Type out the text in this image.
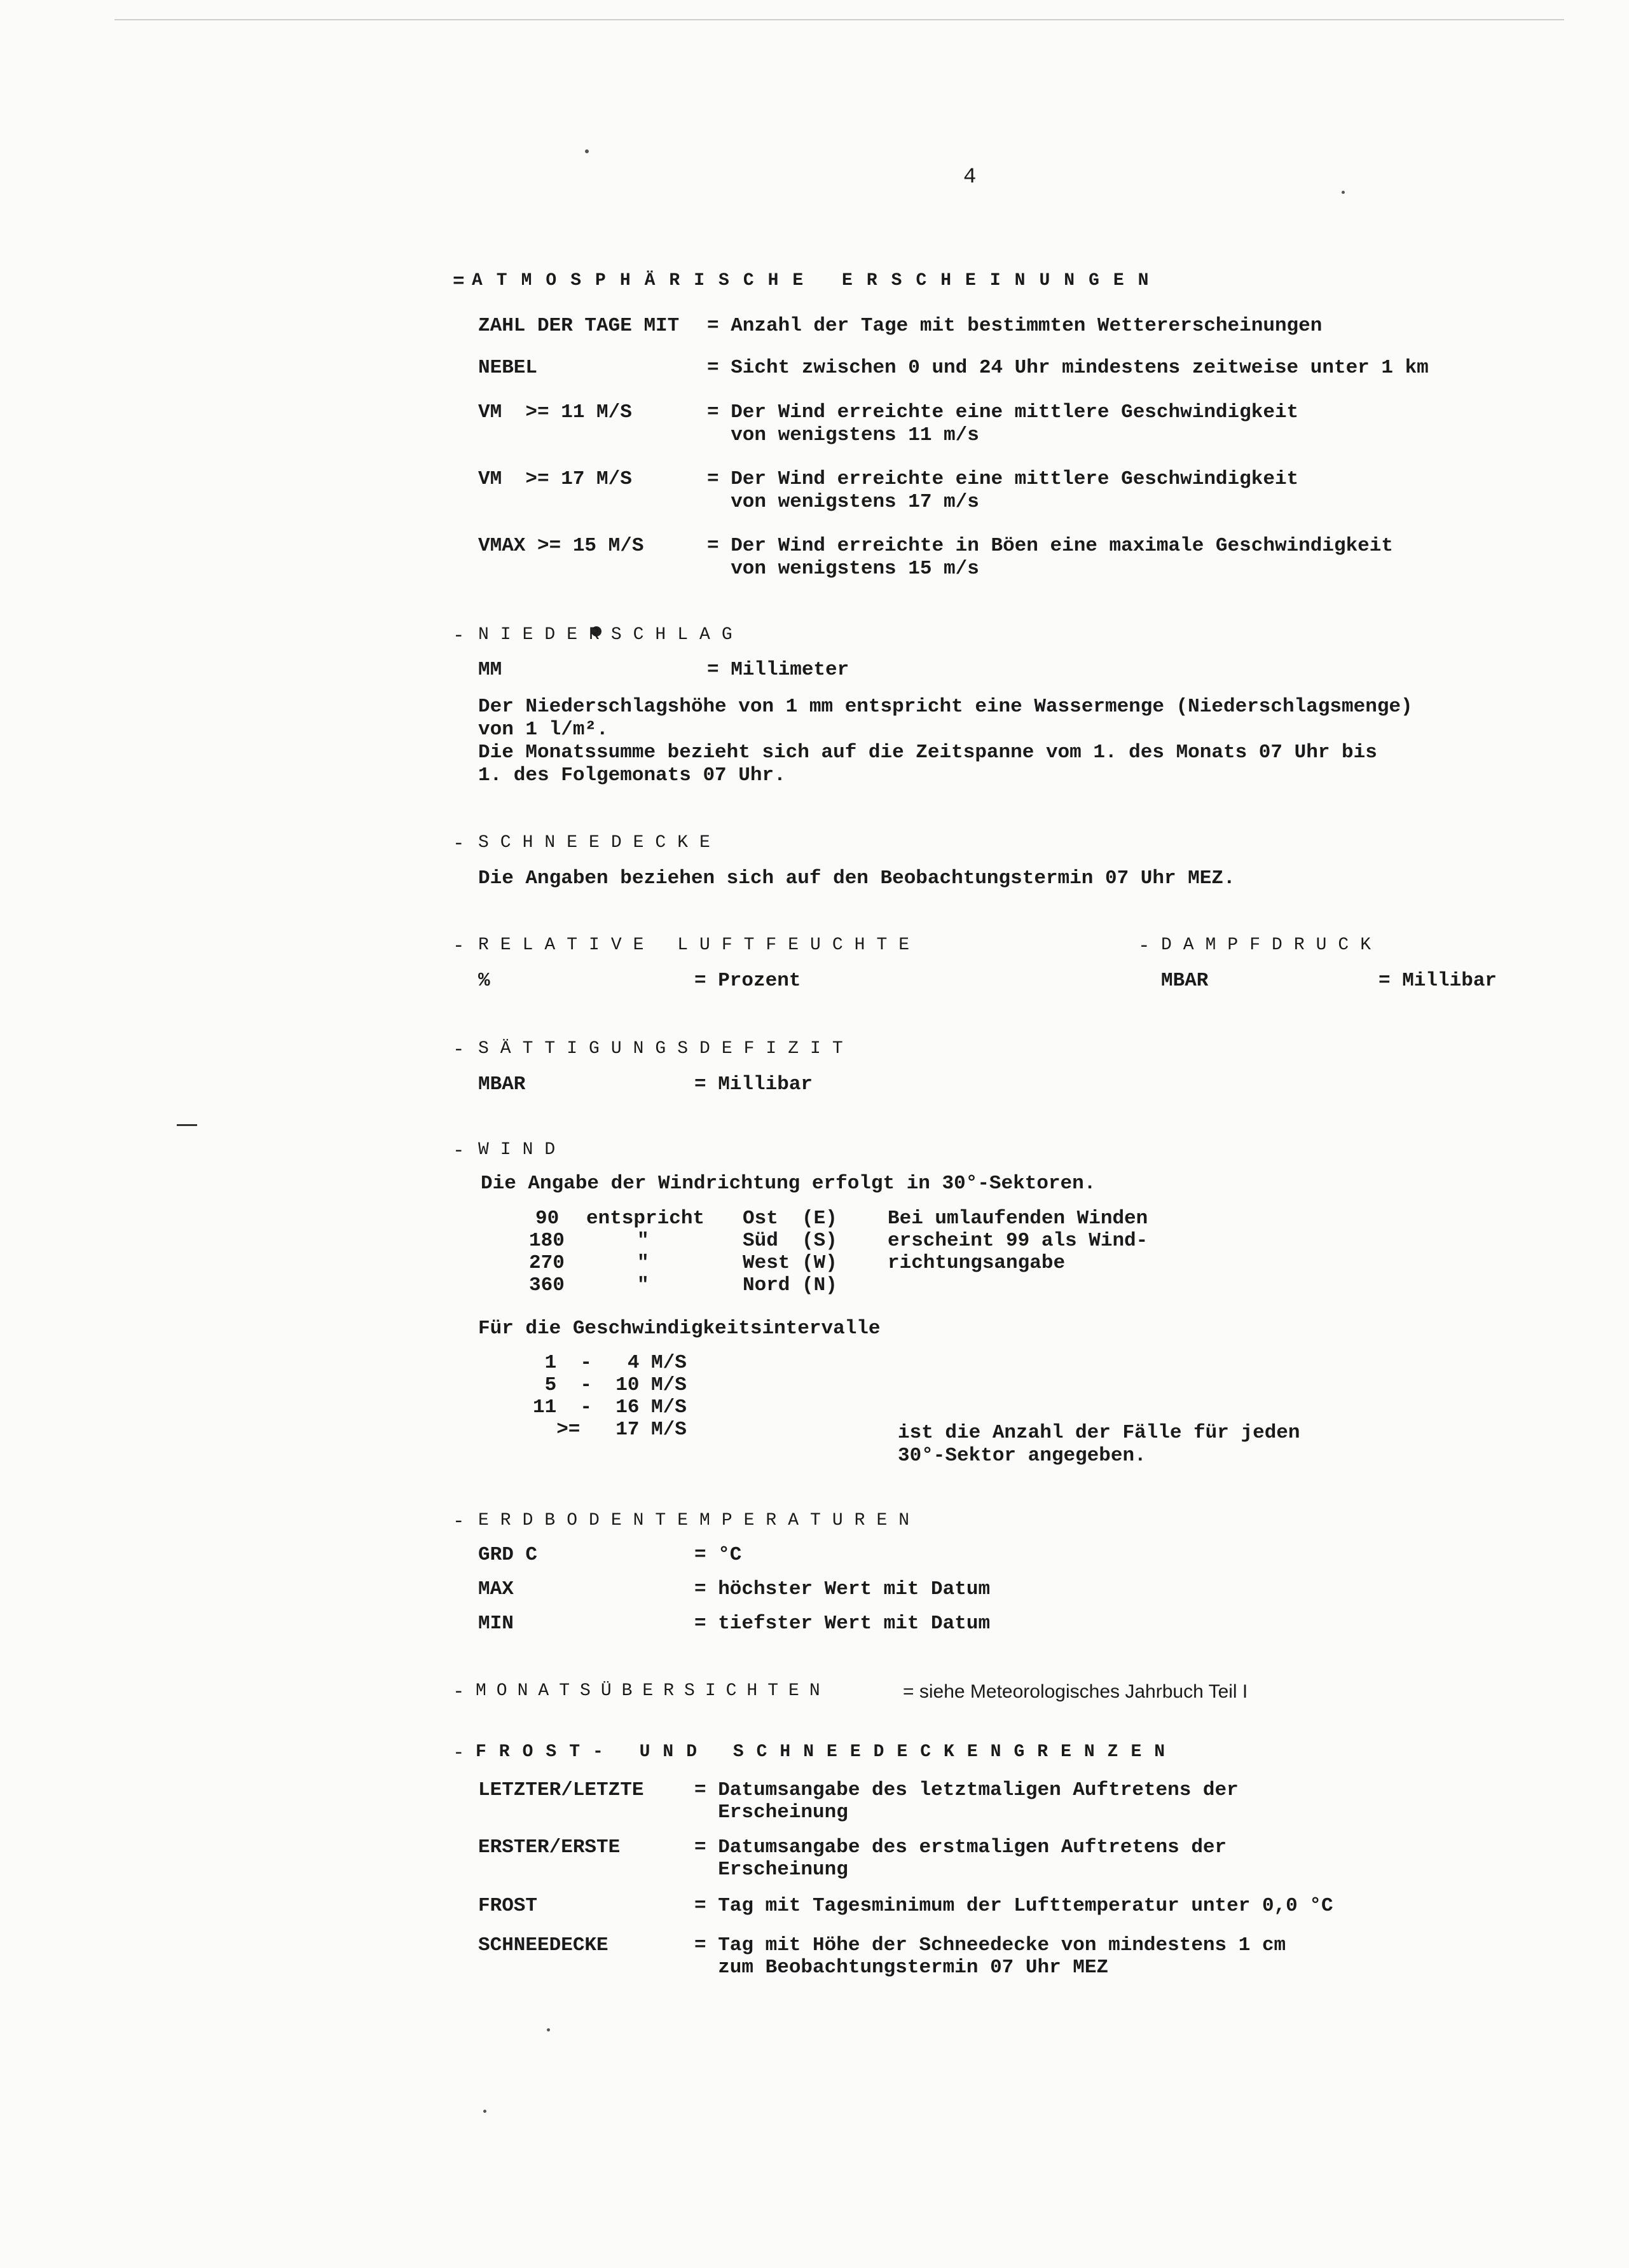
4
= ATMOSPHÄRISCHE ERSCHEINUNGEN
ZAHL DER TAGE MIT = Anzahl der Tage mit bestimmten Wettererscheinungen
NEBEL	= Sicht zwischen 0 und 24 Uhr mindestens zeitweise unter 1 km
VM  >= 11 M/S	= Der Wind erreichte eine mittlere Geschwindigkeit
von wenigstens 11 m/s
VM  >= 17 M/S	= Der Wind erreichte eine mittlere Geschwindigkeit
von wenigstens 17 m/s
VMAX >= 15 M/S	= Der Wind erreichte in Böen eine maximale Geschwindigkeit
von wenigstens 15 m/s
- NIEDERSCHLAG
MM	= Millimeter
Der Niederschlagshöhe von 1 mm entspricht eine Wassermenge (Niederschlagsmenge)
von 1 l/m².
Die Monatssumme bezieht sich auf die Zeitspanne vom 1. des Monats 07 Uhr bis
1. des Folgemonats 07 Uhr.
- SCHNEEDECKE
Die Angaben beziehen sich auf den Beobachtungstermin 07 Uhr MEZ.
- RELATIVE LUFTFEUCHTE
%	= Prozent
- DAMPFDRUCK
MBAR	= Millibar
- SÄTTIGUNGSDEFIZIT
MBAR	= Millibar
- WIND
Die Angabe der Windrichtung erfolgt in 30°-Sektoren.
90 entspricht Ost  (E)	Bei umlaufenden Winden
180	"	Süd  (S)	erscheint 99 als Wind-
270	"	West (W)	richtungsangabe
360	"	Nord (N)
Für die Geschwindigkeitsintervalle
1  -   4 M/S
5  -  10 M/S
11  -  16 M/S
>=   17 M/S	ist die Anzahl der Fälle für jeden
30°-Sektor angegeben.
- ERDBODENTEMPERATUREN
GRD C	= °C
MAX	= höchster Wert mit Datum
MIN	= tiefster Wert mit Datum
- MONATSÜBERSICHTEN	= siehe Meteorologisches Jahrbuch Teil I
- FROST- UND SCHNEEDECKENGRENZEN
LETZTER/LETZTE	= Datumsangabe des letztmaligen Auftretens der
Erscheinung
ERSTER/ERSTE	= Datumsangabe des erstmaligen Auftretens der
Erscheinung
FROST	= Tag mit Tagesminimum der Lufttemperatur unter 0,0 °C
SCHNEEDECKE	= Tag mit Höhe der Schneedecke von mindestens 1 cm
zum Beobachtungstermin 07 Uhr MEZ
